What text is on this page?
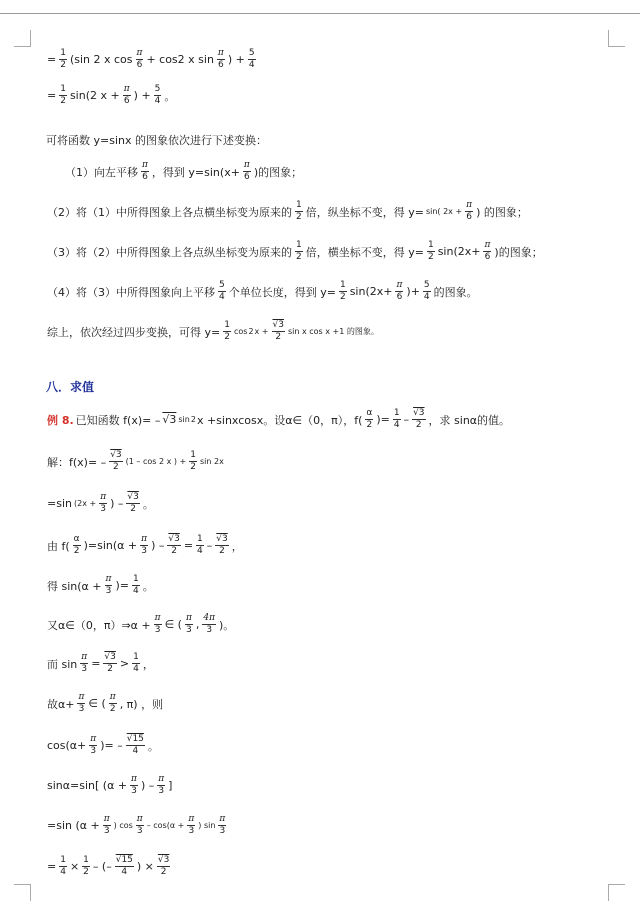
= $\frac{1}{2} (\sin$ 2 x $\cos \frac{\pi}{6} + \cos 2$ x $\sin \frac{\pi}{6}$ ) + $\frac{5}{4}$
= $\frac{1}{2} \sin(2$ $x + \frac{\pi}{6}$ ) + $\frac{5}{4}$ 。
可将函数 y=sinx 的图象依次进行下述变换：
（1）向左平移 $\frac{\pi}{6}$ ，得到 $y=\sin(x+ \frac{\pi}{6}$ )的图象；
（2）将（1）中所得图象上各点横坐标变为原来的 $\frac{1}{2}$ 倍，纵坐标不变，得 y= sin( $2x + \frac{\pi}{6}$ ) 的图象；
（3）将（2）中所得图象上各点纵坐标变为原来的 $\frac{1}{2}$ 倍，横坐标不变，得 $y= \frac{1}{2} \sin(2x+ \frac{\pi}{6}$ )的图象；
（4）将（3）中所得图象向上平移 $\frac{5}{4}$ 个单位长度，得到 $y= \frac{1}{2} \sin(2x+ \frac{\pi}{6}$ )+ $\frac{5}{4}$ 的图象。
综上，依次经过四步变换，可得 $y= \frac{1}{2}$ cos 2 $x + \frac{√3}{2}$ sin x cos x +1 的图象。
八．求值
例 8. 已知函数 f(x)= – √3 sin 2 x +sinxcosx。设α∈（0，π），$f( \frac{\alpha}{2}$ )= $\frac{1}{4} - \frac{√3}{2}$ ，求 sinα的值。
解：$f(x)= - \frac{√3}{2} (1 - \cos 2$ x ) + $\frac{1}{2}$ sin 2x
=sin ($2x + \frac{\pi}{3}$ ) – $\frac{√3}{2}$ 。
由 $f( \frac{\alpha}{2} )=\sin(\alpha + \frac{\pi}{3}$ ) – $\frac{√3}{2} = \frac{1}{4} - \frac{√3}{2}$ ，
得 $\sin(\alpha + \frac{\pi}{3}$ )= $\frac{1}{4}$ 。
又α∈（0，π）⇒α + $\frac{\pi}{3}$ ∈ ( $\frac{\pi}{3}$ , $\frac{4\pi}{3}$ )。
而 $\sin \frac{\pi}{3} = \frac{√3}{2} > \frac{1}{4}$ ，
故$\alpha+ \frac{\pi}{3}$ ∈ ( $\frac{\pi}{2}$ , π) ，则
$\cos(\alpha+ \frac{\pi}{3}$ )= – $\frac{√15}{4}$ 。
sinα=sin[ ($\alpha + \frac{\pi}{3}$ ) – $\frac{\pi}{3}$ ]
=sin ($\alpha + \frac{\pi}{3}$ ) $\cos \frac{\pi}{3} - \cos(\alpha + \frac{\pi}{3}$ ) $\sin \frac{\pi}{3}$
= $\frac{1}{4} \times \frac{1}{2}$ – (– $\frac{√15}{4}$ ) × $\frac{√3}{2}$
